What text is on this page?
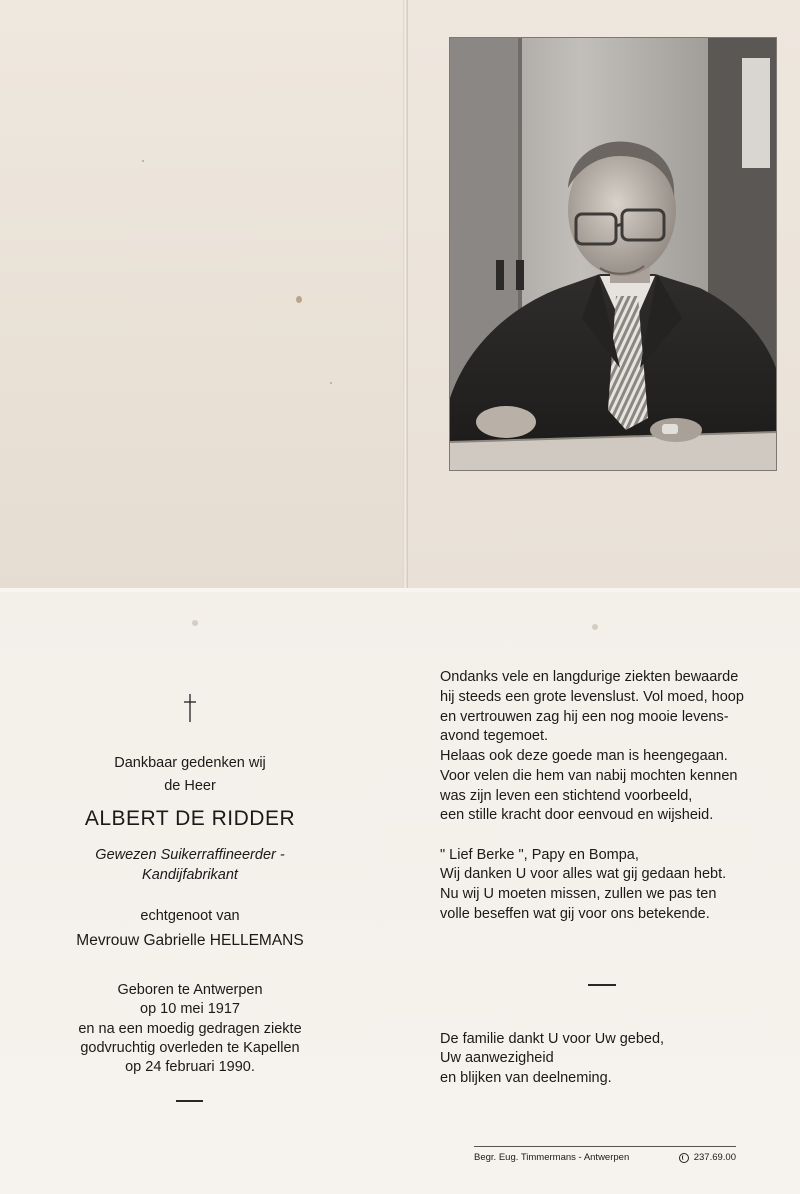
Dankbaar gedenken wij
de Heer
ALBERT DE RIDDER
Gewezen Suikerraffineerder -
Kandijfabrikant
echtgenoot van
Mevrouw Gabrielle HELLEMANS
Geboren te Antwerpen
op 10 mei 1917
en na een moedig gedragen ziekte
godvruchtig overleden te Kapellen
op 24 februari 1990.
Ondanks vele en langdurige ziekten bewaarde
hij steeds een grote levenslust. Vol moed, hoop
en vertrouwen zag hij een nog mooie levens-
avond tegemoet.
Helaas ook deze goede man is heengegaan.
Voor velen die hem van nabij mochten kennen
was zijn leven een stichtend voorbeeld,
een stille kracht door eenvoud en wijsheid.
" Lief Berke ", Papy en Bompa,
Wij danken U voor alles wat gij gedaan hebt.
Nu wij U moeten missen, zullen we pas ten
volle beseffen wat gij voor ons betekende.
De familie dankt U voor Uw gebed,
Uw aanwezigheid
en blijken van deelneming.
Begr. Eug. Timmermans - Antwerpen	237.69.00
